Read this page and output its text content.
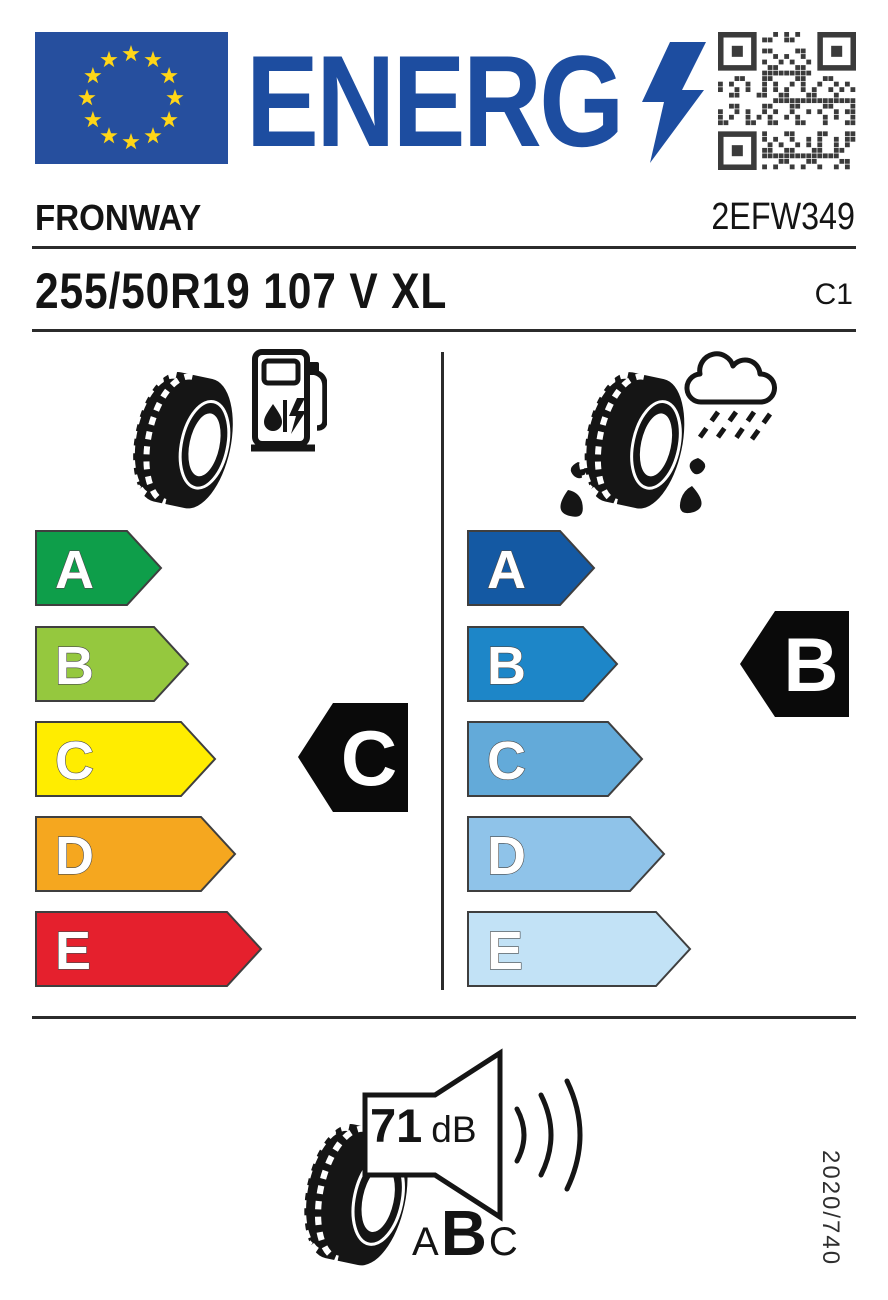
ENERG
FRONWAY	2EFW349
255/50R19 107 V XL	C1
A
B
C
D
E
C
A
B
C
D
E
B
71 dB
A B C	2020/740
